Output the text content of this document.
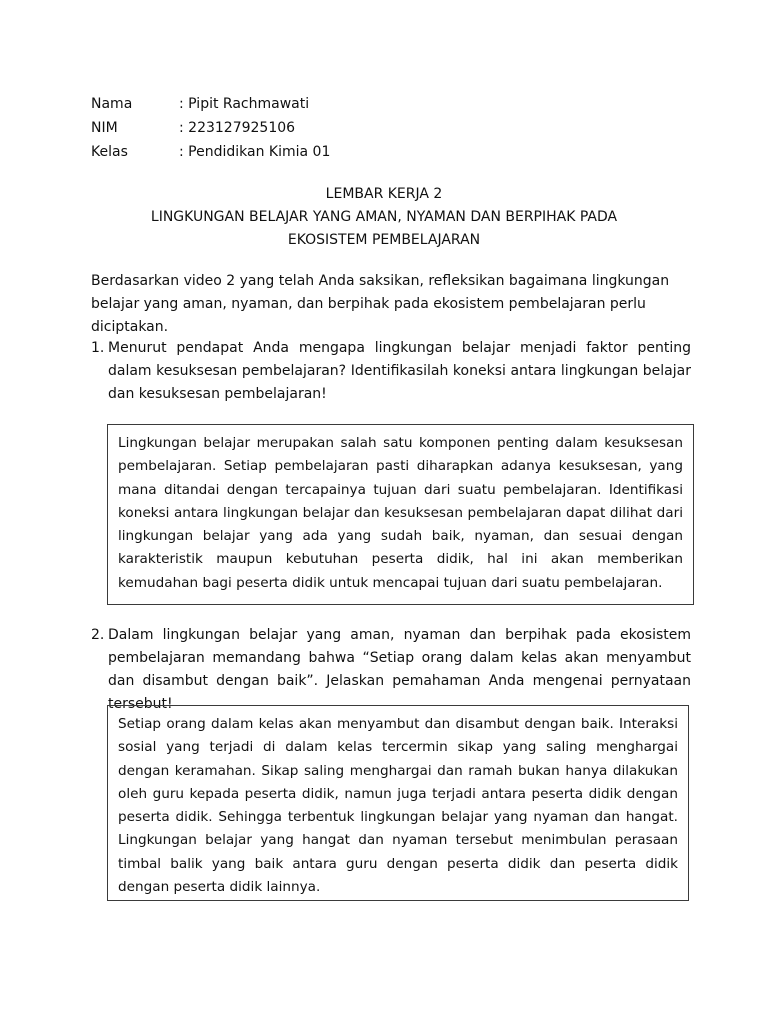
Nama	: Pipit Rachmawati
NIM	: 223127925106
Kelas	: Pendidikan Kimia 01
LEMBAR KERJA 2
LINGKUNGAN BELAJAR YANG AMAN, NYAMAN DAN BERPIHAK PADA
EKOSISTEM PEMBELAJARAN
Berdasarkan video 2 yang telah Anda saksikan, refleksikan bagaimana lingkungan belajar yang aman, nyaman, dan berpihak pada ekosistem pembelajaran perlu diciptakan.
1. Menurut pendapat Anda mengapa lingkungan belajar menjadi faktor penting dalam kesuksesan pembelajaran? Identifikasilah koneksi antara lingkungan belajar dan kesuksesan pembelajaran!
Lingkungan belajar merupakan salah satu komponen penting dalam kesuksesan pembelajaran. Setiap pembelajaran pasti diharapkan adanya kesuksesan, yang mana ditandai dengan tercapainya tujuan dari suatu pembelajaran. Identifikasi koneksi antara lingkungan belajar dan kesuksesan pembelajaran dapat dilihat dari lingkungan belajar yang ada yang sudah baik, nyaman, dan sesuai dengan karakteristik maupun kebutuhan peserta didik, hal ini akan memberikan kemudahan bagi peserta didik untuk mencapai tujuan dari suatu pembelajaran.
2. Dalam lingkungan belajar yang aman, nyaman dan berpihak pada ekosistem pembelajaran memandang bahwa “Setiap orang dalam kelas akan menyambut dan disambut dengan baik”. Jelaskan pemahaman Anda mengenai pernyataan tersebut!
Setiap orang dalam kelas akan menyambut dan disambut dengan baik. Interaksi sosial yang terjadi di dalam kelas tercermin sikap yang saling menghargai dengan keramahan. Sikap saling menghargai dan ramah bukan hanya dilakukan oleh guru kepada peserta didik, namun juga terjadi antara peserta didik dengan peserta didik. Sehingga terbentuk lingkungan belajar yang nyaman dan hangat. Lingkungan belajar yang hangat dan nyaman tersebut menimbulan perasaan timbal balik yang baik antara guru dengan peserta didik dan peserta didik dengan peserta didik lainnya.
